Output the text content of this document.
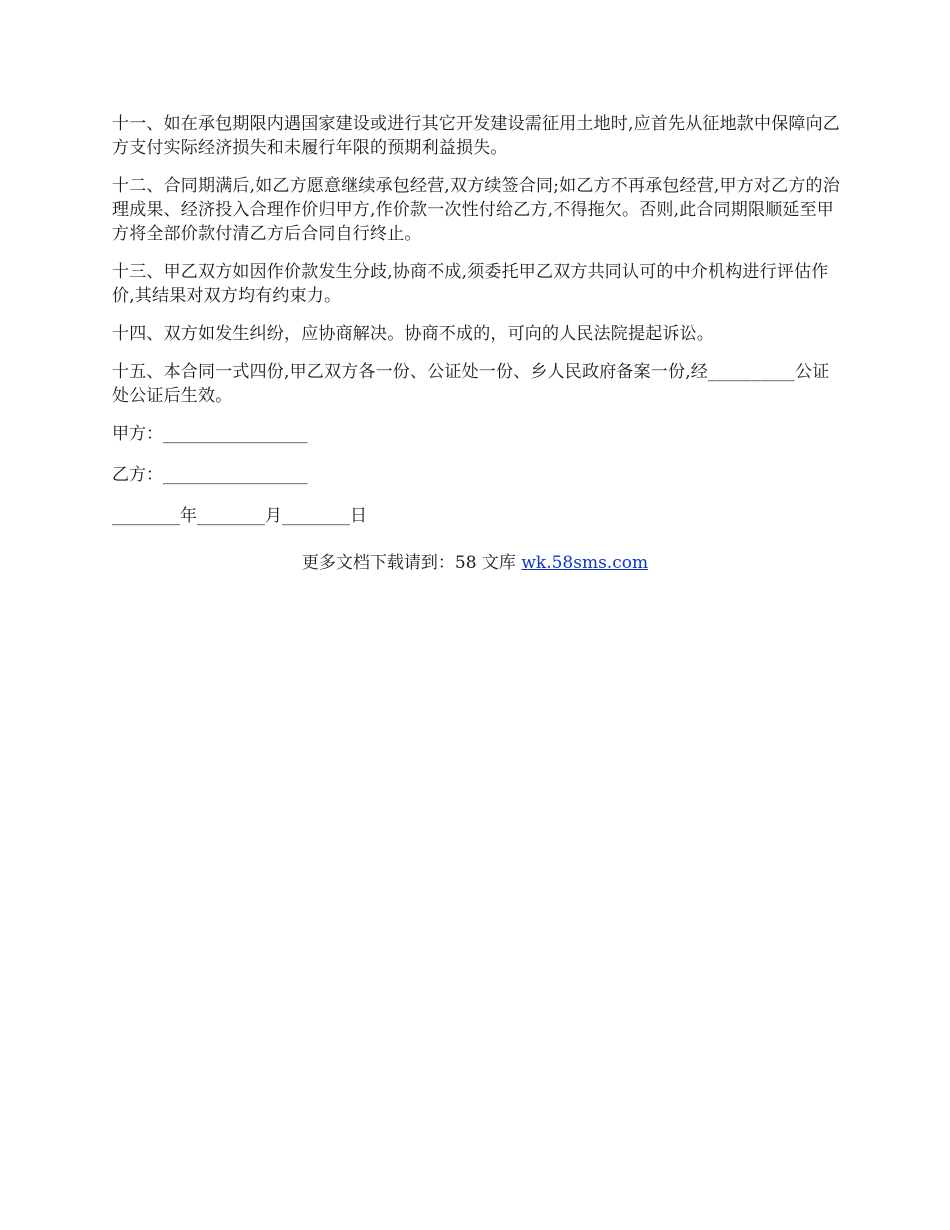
十一、如在承包期限内遇国家建设或进行其它开发建设需征用土地时,应首先从征地款中保障向乙方支付实际经济损失和未履行年限的预期利益损失。

十二、合同期满后,如乙方愿意继续承包经营,双方续签合同;如乙方不再承包经营,甲方对乙方的治理成果、经济投入合理作价归甲方,作价款一次性付给乙方,不得拖欠。否则,此合同期限顺延至甲方将全部价款付清乙方后合同自行终止。

十三、甲乙双方如因作价款发生分歧,协商不成,须委托甲乙双方共同认可的中介机构进行评估作价,其结果对双方均有约束力。

十四、双方如发生纠纷，应协商解决。协商不成的，可向的人民法院提起诉讼。

十五、本合同一式四份,甲乙双方各一份、公证处一份、乡人民政府备案一份,经__________公证处公证后生效。

甲方：_________________

乙方：_________________

________年________月________日

更多文档下载请到：58 文库 wk.58sms.com
